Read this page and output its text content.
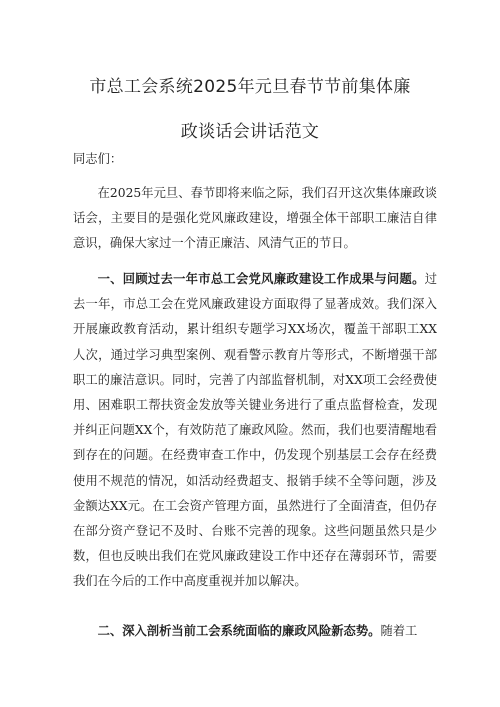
市总工会系统2025年元旦春节节前集体廉
政谈话会讲话范文
同志们：
在2025年元旦、春节即将来临之际，我们召开这次集体廉政谈话会，主要目的是强化党风廉政建设，增强全体干部职工廉洁自律意识，确保大家过一个清正廉洁、风清气正的节日。
一、回顾过去一年市总工会党风廉政建设工作成果与问题。过去一年，市总工会在党风廉政建设方面取得了显著成效。我们深入开展廉政教育活动，累计组织专题学习XX场次，覆盖干部职工XX人次，通过学习典型案例、观看警示教育片等形式，不断增强干部职工的廉洁意识。同时，完善了内部监督机制，对XX项工会经费使用、困难职工帮扶资金发放等关键业务进行了重点监督检查，发现并纠正问题XX个，有效防范了廉政风险。然而，我们也要清醒地看到存在的问题。在经费审查工作中，仍发现个别基层工会存在经费使用不规范的情况，如活动经费超支、报销手续不全等问题，涉及金额达XX元。在工会资产管理方面，虽然进行了全面清查，但仍存在部分资产登记不及时、台账不完善的现象。这些问题虽然只是少数，但也反映出我们在党风廉政建设工作中还存在薄弱环节，需要我们在今后的工作中高度重视并加以解决。
二、深入剖析当前工会系统面临的廉政风险新态势。随着工
